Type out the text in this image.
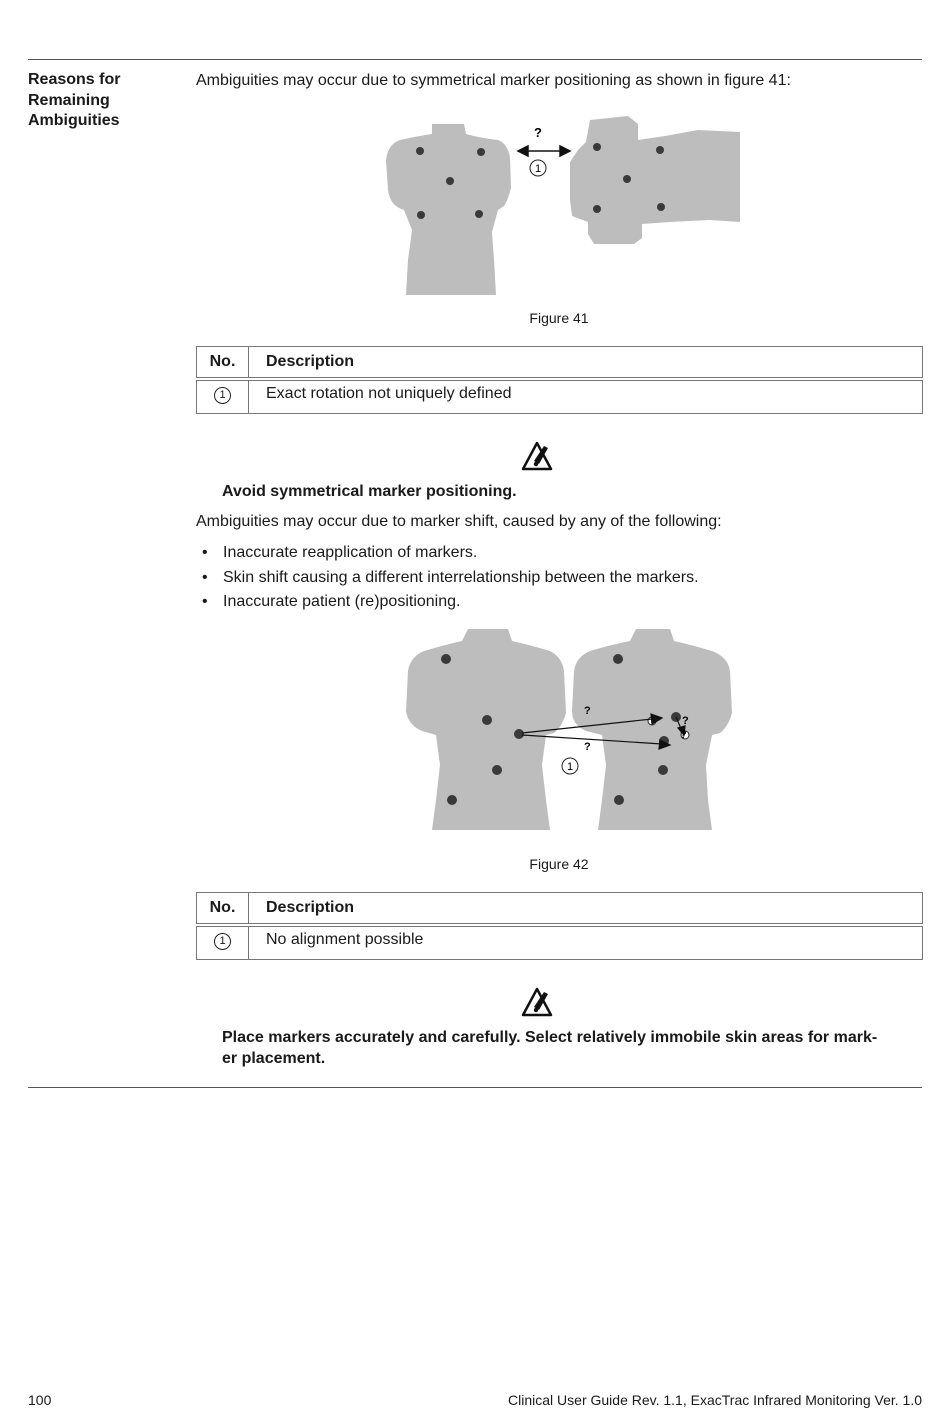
Reasons for Remaining Ambiguities

Ambiguities may occur due to symmetrical marker positioning as shown in figure 41:

?
1
Figure 41
No.	Description
1	Exact rotation not uniquely defined
Avoid symmetrical marker positioning.

Ambiguities may occur due to marker shift, caused by any of the following:

• Inaccurate reapplication of markers.
• Skin shift causing a different interrelationship between the markers.
• Inaccurate patient (re)positioning.
?
?
?
?
1
Figure 42
No.	Description
1	No alignment possible
Place markers accurately and carefully. Select relatively immobile skin areas for mark-
er placement.
100	Clinical User Guide Rev. 1.1, ExacTrac Infrared Monitoring Ver. 1.0
